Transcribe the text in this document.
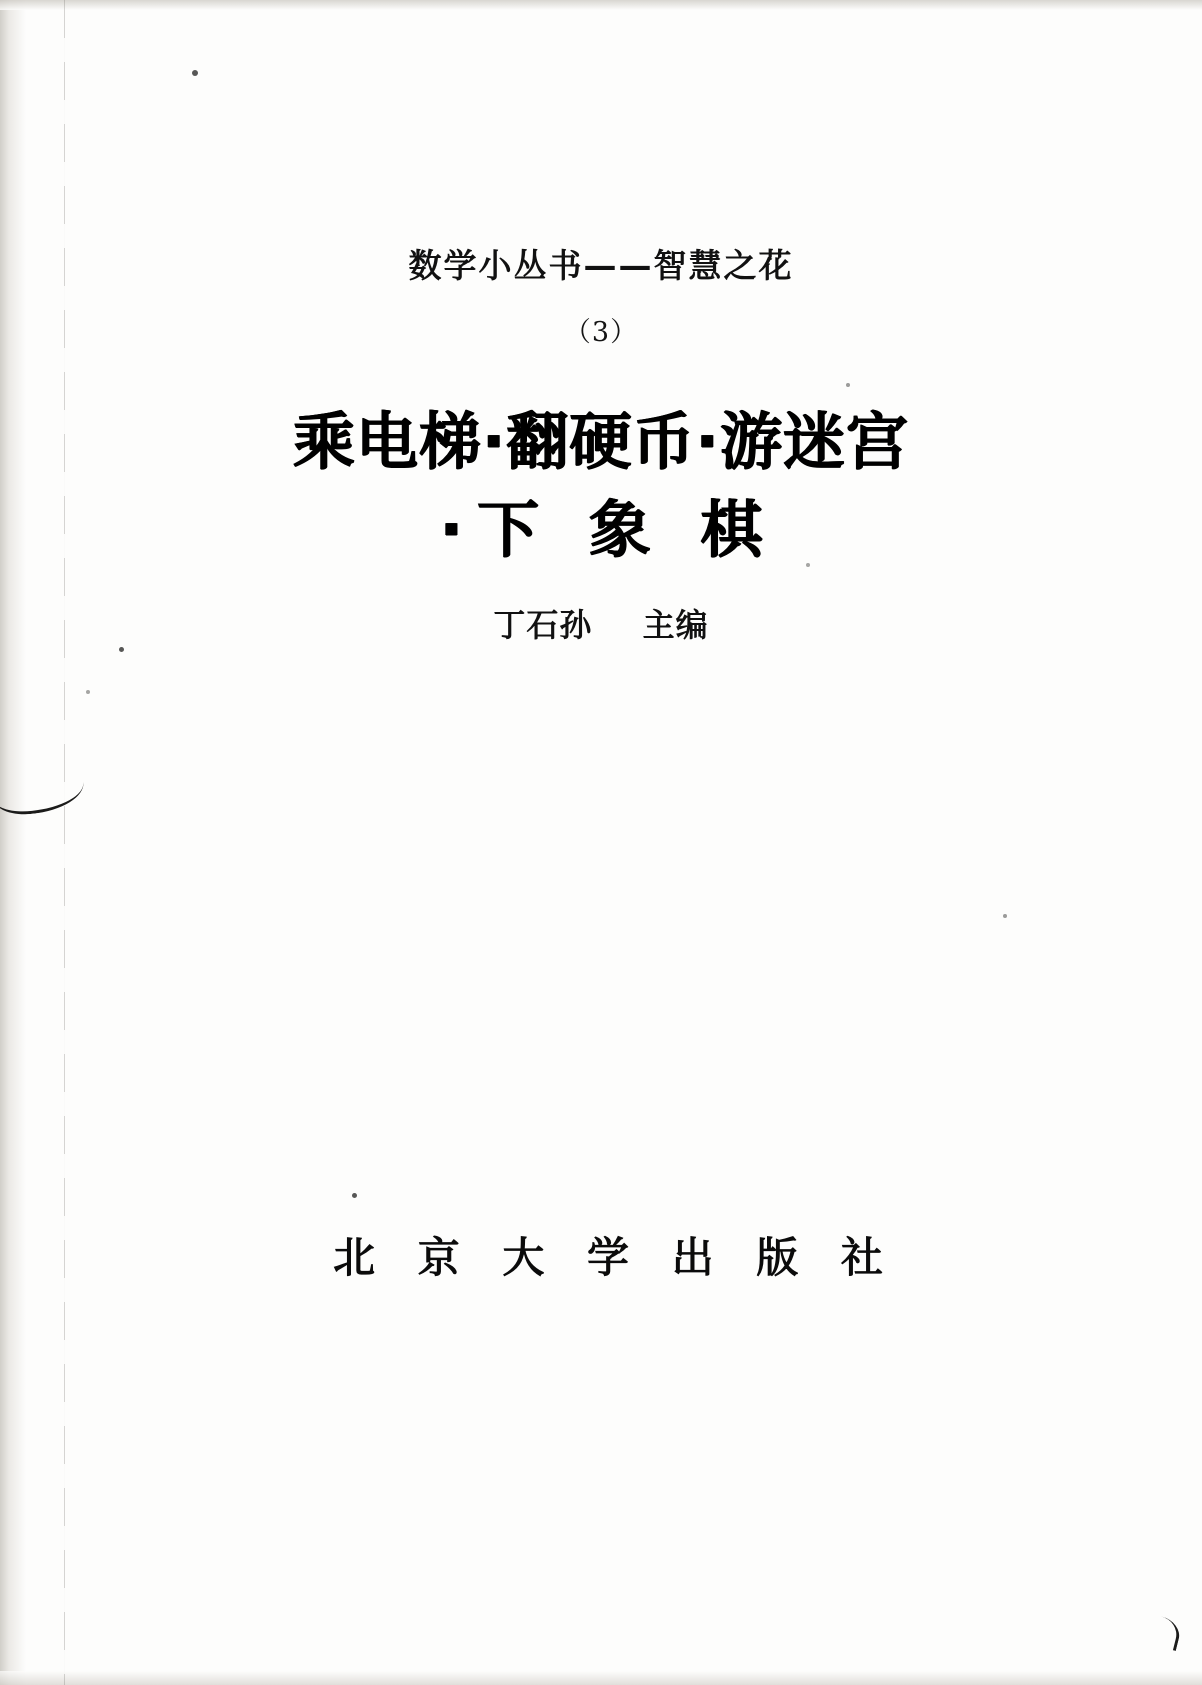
数学小丛书——智慧之花
（3）
乘电梯·翻硬币·游迷宫
·下 象 棋
丁石孙 主编
北 京 大 学 出 版 社
